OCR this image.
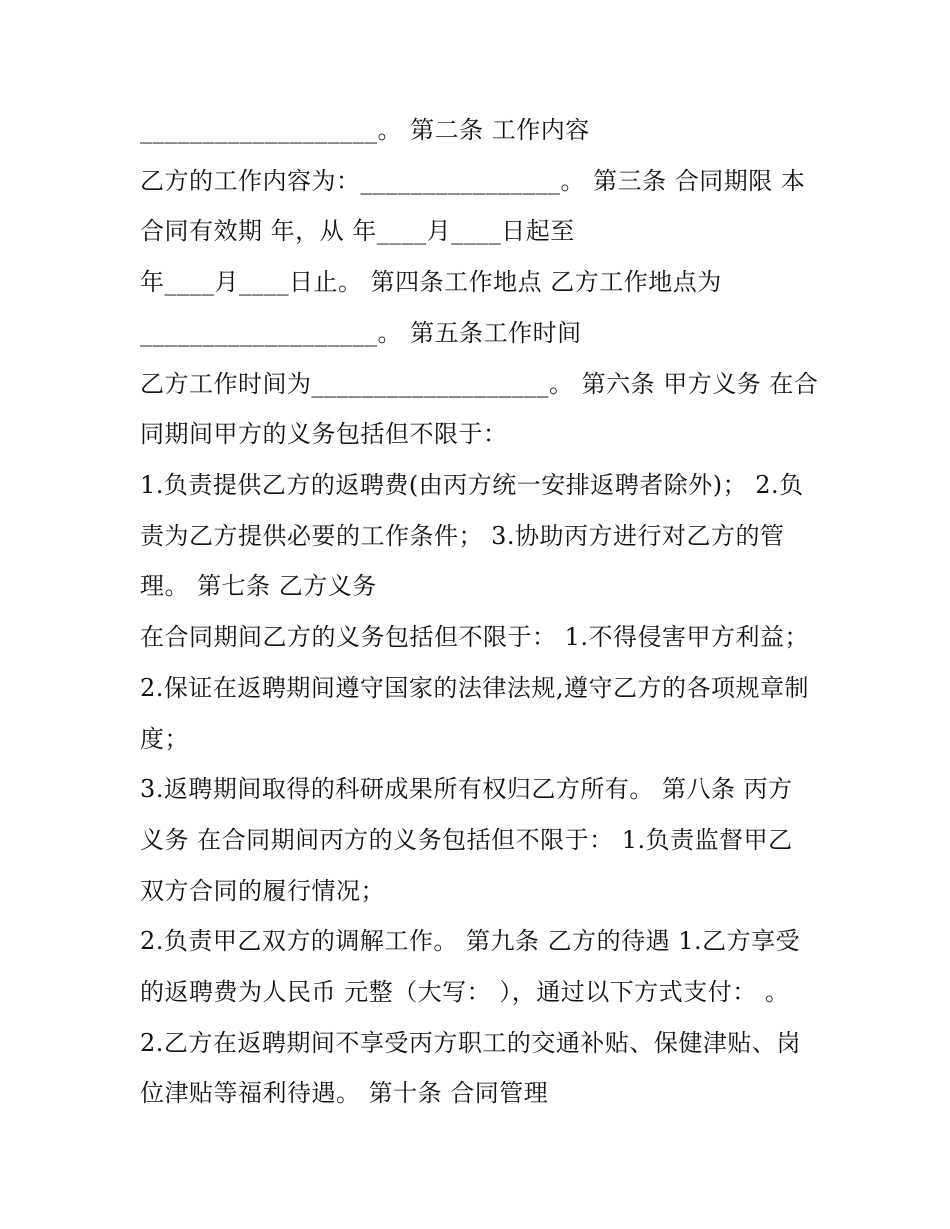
___________________。 第二条 工作内容
乙方的工作内容为：________________。 第三条 合同期限 本
合同有效期 年，从 年____月____日起至
年____月____日止。 第四条工作地点 乙方工作地点为
___________________。 第五条工作时间
乙方工作时间为___________________。 第六条 甲方义务 在合
同期间甲方的义务包括但不限于：
1.负责提供乙方的返聘费(由丙方统一安排返聘者除外)； 2.负
责为乙方提供必要的工作条件； 3.协助丙方进行对乙方的管
理。 第七条 乙方义务
在合同期间乙方的义务包括但不限于： 1.不得侵害甲方利益；
2.保证在返聘期间遵守国家的法律法规,遵守乙方的各项规章制
度；
3.返聘期间取得的科研成果所有权归乙方所有。 第八条 丙方
义务 在合同期间丙方的义务包括但不限于： 1.负责监督甲乙
双方合同的履行情况；
2.负责甲乙双方的调解工作。 第九条 乙方的待遇 1.乙方享受
的返聘费为人民币 元整（大写： ），通过以下方式支付： 。
2.乙方在返聘期间不享受丙方职工的交通补贴、保健津贴、岗
位津贴等福利待遇。 第十条 合同管理
